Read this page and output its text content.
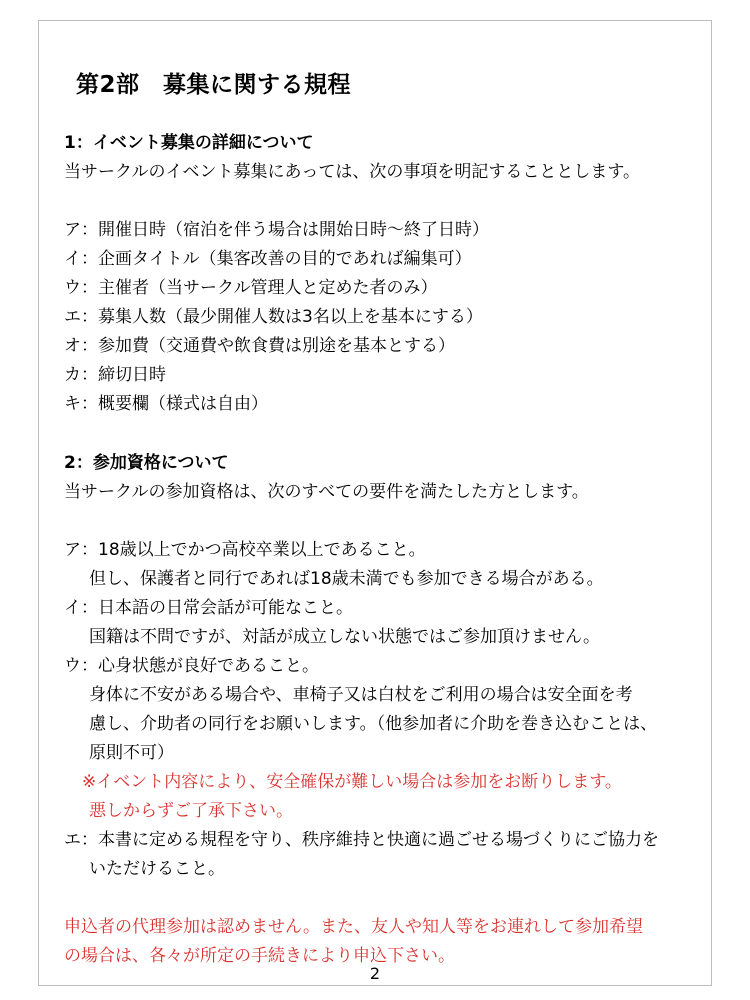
第2部　募集に関する規程
1：イベント募集の詳細について
当サークルのイベント募集にあっては、次の事項を明記することとします。
ア：開催日時（宿泊を伴う場合は開始日時～終了日時）
イ：企画タイトル（集客改善の目的であれば編集可）
ウ：主催者（当サークル管理人と定めた者のみ）
エ：募集人数（最少開催人数は3名以上を基本にする）
オ：参加費（交通費や飲食費は別途を基本とする）
カ：締切日時
キ：概要欄（様式は自由）
2：参加資格について
当サークルの参加資格は、次のすべての要件を満たした方とします。
ア：18歳以上でかつ高校卒業以上であること。
但し、保護者と同行であれば18歳未満でも参加できる場合がある。
イ：日本語の日常会話が可能なこと。
国籍は不問ですが、対話が成立しない状態ではご参加頂けません。
ウ：心身状態が良好であること。
身体に不安がある場合や、車椅子又は白杖をご利用の場合は安全面を考
慮し、介助者の同行をお願いします。（他参加者に介助を巻き込むことは、
原則不可）
※イベント内容により、安全確保が難しい場合は参加をお断りします。
悪しからずご了承下さい。
エ：本書に定める規程を守り、秩序維持と快適に過ごせる場づくりにご協力を
いただけること。
申込者の代理参加は認めません。また、友人や知人等をお連れして参加希望
の場合は、各々が所定の手続きにより申込下さい。
2
